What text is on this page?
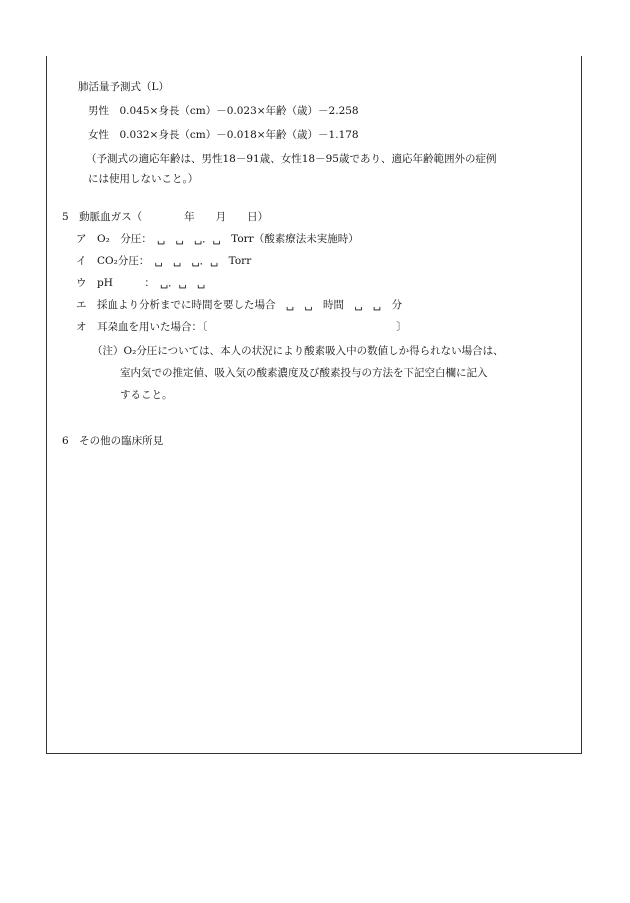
肺活量予測式（L）
男性　0.045×身長（cm）－0.023×年齢（歳）－2.258
女性　0.032×身長（cm）－0.018×年齢（歳）－1.178
（予測式の適応年齢は、男性18－91歳、女性18－95歳であり、適応年齢範囲外の症例
には使用しないこと。）
5　動脈血ガス（　　　　年　　月　　日）
ア　O₂　分圧：　␣　␣　␣．␣　Torr（酸素療法未実施時）
イ　CO₂分圧：　␣　␣　␣．␣　Torr
ウ　pH　　　：　␣．␣　␣
エ　採血より分析までに時間を要した場合　␣　␣　時間　␣　␣　分
オ　耳朶血を用いた場合：〔　　　　　　　　　　　　　　　　　　〕
（注）O₂分圧については、本人の状況により酸素吸入中の数値しか得られない場合は、
室内気での推定値、吸入気の酸素濃度及び酸素投与の方法を下記空白欄に記入
すること。
6　その他の臨床所見
